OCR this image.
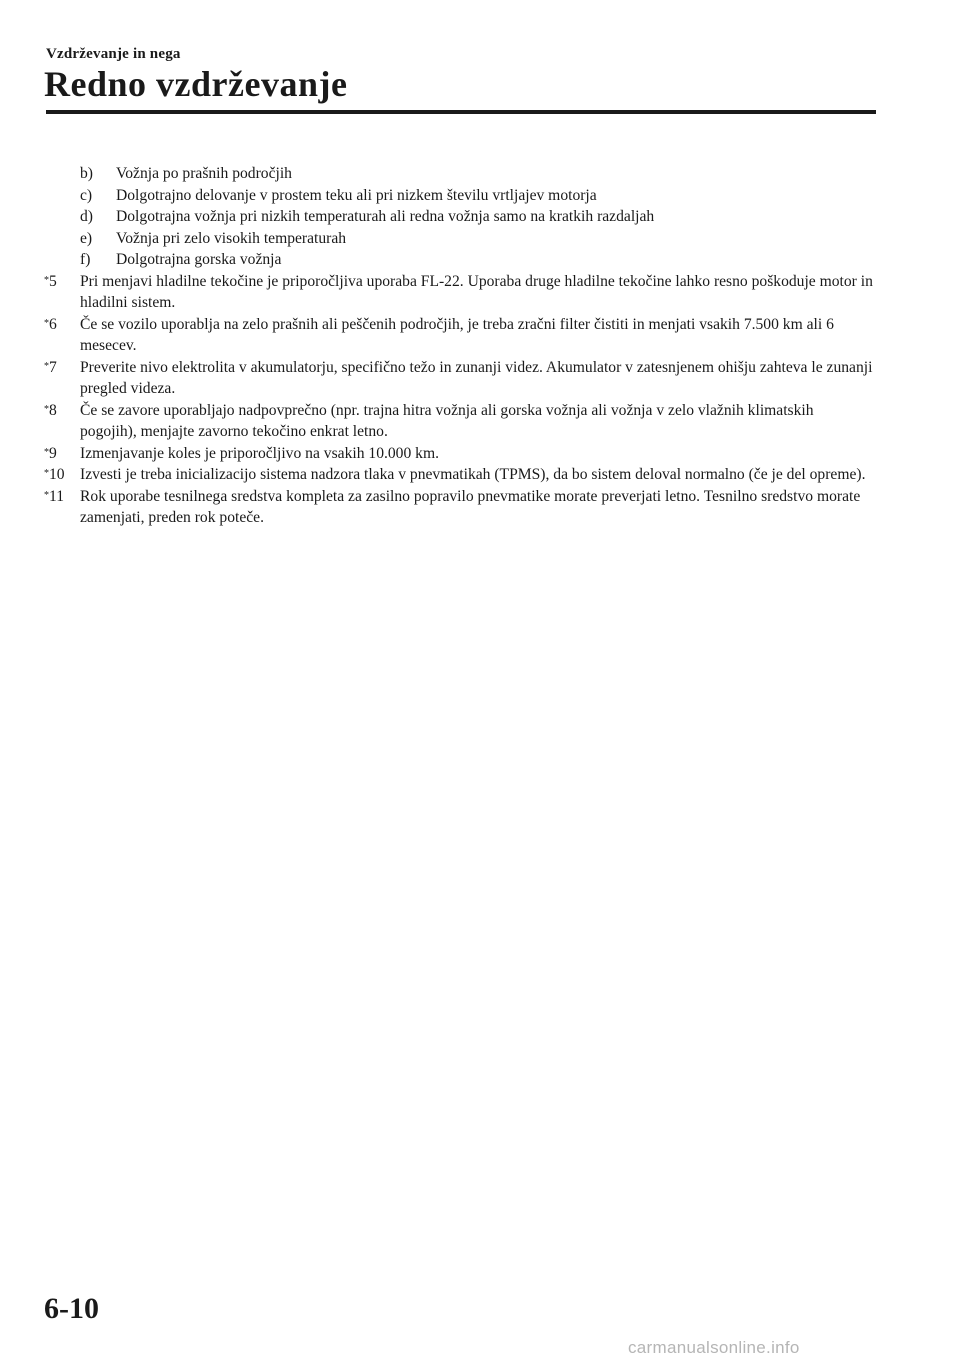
Vzdrževanje in nega
Redno vzdrževanje
b)	Vožnja po prašnih področjih
c)	Dolgotrajno delovanje v prostem teku ali pri nizkem številu vrtljajev motorja
d)	Dolgotrajna vožnja pri nizkih temperaturah ali redna vožnja samo na kratkih razdaljah
e)	Vožnja pri zelo visokih temperaturah
f)	Dolgotrajna gorska vožnja
*5	Pri menjavi hladilne tekočine je priporočljiva uporaba FL-22. Uporaba druge hladilne tekočine lahko resno poškoduje motor in hladilni sistem.
*6	Če se vozilo uporablja na zelo prašnih ali peščenih področjih, je treba zračni filter čistiti in menjati vsakih 7.500 km ali 6 mesecev.
*7	Preverite nivo elektrolita v akumulatorju, specifično težo in zunanji videz. Akumulator v zatesnjenem ohišju zahteva le zunanji pregled videza.
*8	Če se zavore uporabljajo nadpovprečno (npr. trajna hitra vožnja ali gorska vožnja ali vožnja v zelo vlažnih klimatskih pogojih), menjajte zavorno tekočino enkrat letno.
*9	Izmenjavanje koles je priporočljivo na vsakih 10.000 km.
*10 Izvesti je treba inicializacijo sistema nadzora tlaka v pnevmatikah (TPMS), da bo sistem deloval normalno (če je del opreme).
*11	Rok uporabe tesnilnega sredstva kompleta za zasilno popravilo pnevmatike morate preverjati letno. Tesnilno sredstvo morate zamenjati, preden rok poteče.
6-10
carmanualsonline.info
